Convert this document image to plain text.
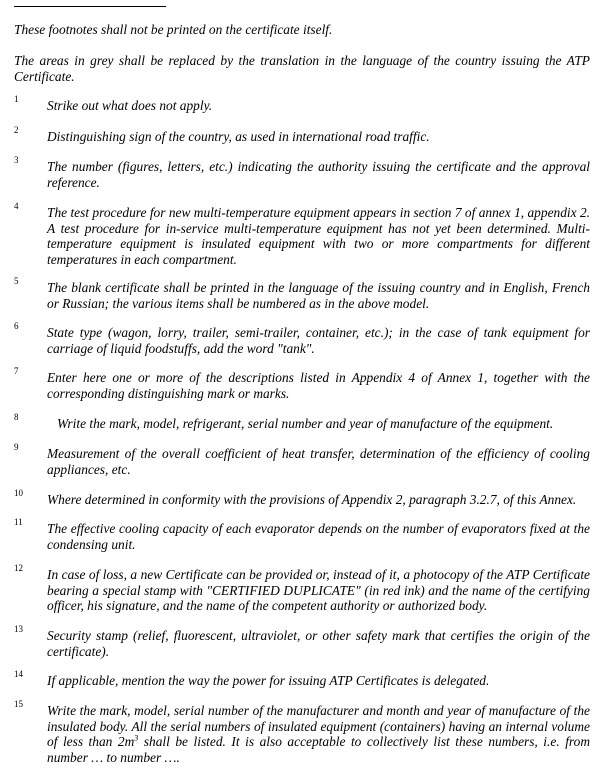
These footnotes shall not be printed on the certificate itself.

The areas in grey shall be replaced by the translation in the language of the country issuing the ATP Certificate.

1 Strike out what does not apply.

2 Distinguishing sign of the country, as used in international road traffic.

3 The number (figures, letters, etc.) indicating the authority issuing the certificate and the approval reference.

4 The test procedure for new multi-temperature equipment appears in section 7 of annex 1, appendix 2. A test procedure for in-service multi-temperature equipment has not yet been determined. Multi-temperature equipment is insulated equipment with two or more compartments for different temperatures in each compartment.

5 The blank certificate shall be printed in the language of the issuing country and in English, French or Russian; the various items shall be numbered as in the above model.

6 State type (wagon, lorry, trailer, semi-trailer, container, etc.); in the case of tank equipment for carriage of liquid foodstuffs, add the word "tank".

7 Enter here one or more of the descriptions listed in Appendix 4 of Annex 1, together with the corresponding distinguishing mark or marks.

8	Write the mark, model, refrigerant, serial number and year of manufacture of the equipment.

9 Measurement of the overall coefficient of heat transfer, determination of the efficiency of cooling appliances, etc.

10 Where determined in conformity with the provisions of Appendix 2, paragraph 3.2.7, of this Annex.

11 The effective cooling capacity of each evaporator depends on the number of evaporators fixed at the condensing unit.

12 In case of loss, a new Certificate can be provided or, instead of it, a photocopy of the ATP Certificate bearing a special stamp with "CERTIFIED DUPLICATE" (in red ink) and the name of the certifying officer, his signature, and the name of the competent authority or authorized body.

13 Security stamp (relief, fluorescent, ultraviolet, or other safety mark that certifies the origin of the certificate).

14 If applicable, mention the way the power for issuing ATP Certificates is delegated.

15 Write the mark, model, serial number of the manufacturer and month and year of manufacture of the insulated body. All the serial numbers of insulated equipment (containers) having an internal volume of less than $2m^3$ shall be listed. It is also acceptable to collectively list these numbers, i.e. from number … to number ….
